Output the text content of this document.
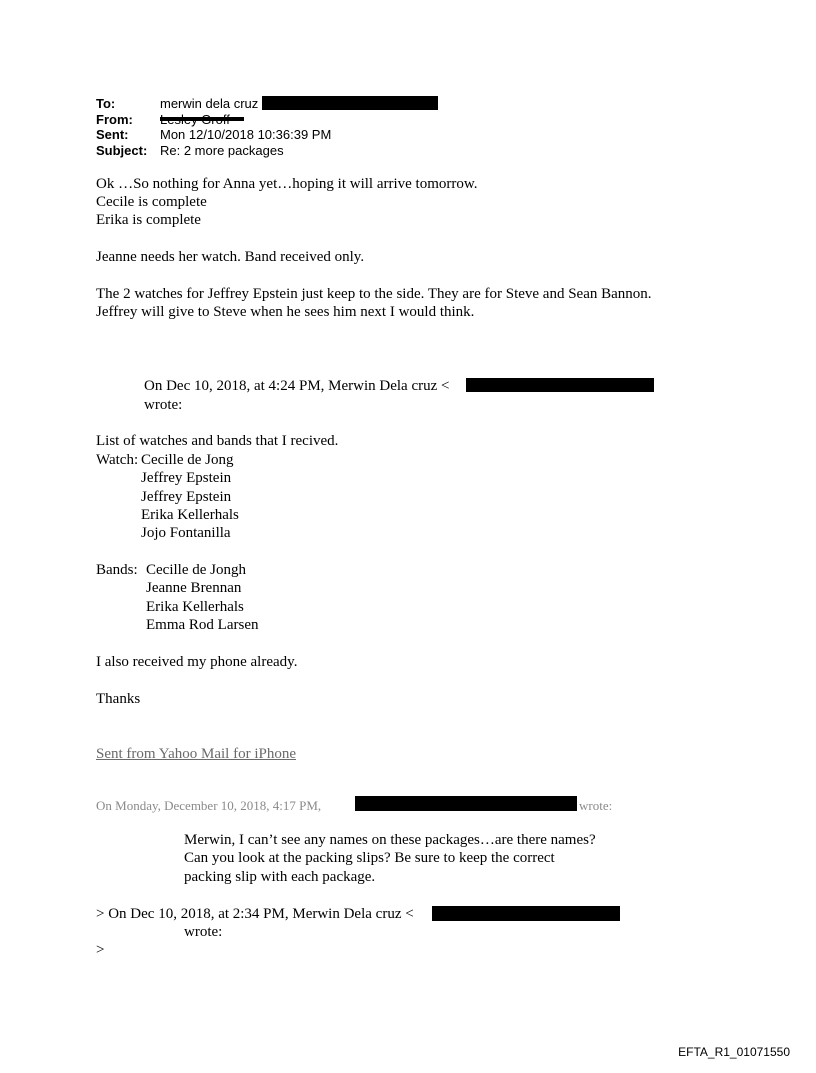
To:	merwin dela cruz
From:
Sent: Mon 12/10/2018 10:36:39 PM
Subject: Re: 2 more packages
Ok …So nothing for Anna yet…hoping it will arrive tomorrow.
Cecile is complete
Erika is complete
Jeanne needs her watch. Band received only.
The 2 watches for Jeffrey Epstein just keep to the side. They are for Steve and Sean Bannon.
Jeffrey will give to Steve when he sees him next I would think.
On Dec 10, 2018, at 4:24 PM, Merwin Dela cruz <
wrote:
List of watches and bands that I recived.
Watch: Cecille de Jong
Jeffrey Epstein
Jeffrey Epstein
Erika Kellerhals
Jojo Fontanilla
Bands: Cecille de Jongh
Jeanne Brennan
Erika Kellerhals
Emma Rod Larsen
I also received my phone already.
Thanks
Sent from Yahoo Mail for iPhone
On Monday, December 10, 2018, 4:17 PM,	wrote:
Merwin, I can’t see any names on these packages…are there names?
Can you look at the packing slips? Be sure to keep the correct
packing slip with each package.
> On Dec 10, 2018, at 2:34 PM, Merwin Dela cruz <
wrote:
>
EFTA_R1_01071550
